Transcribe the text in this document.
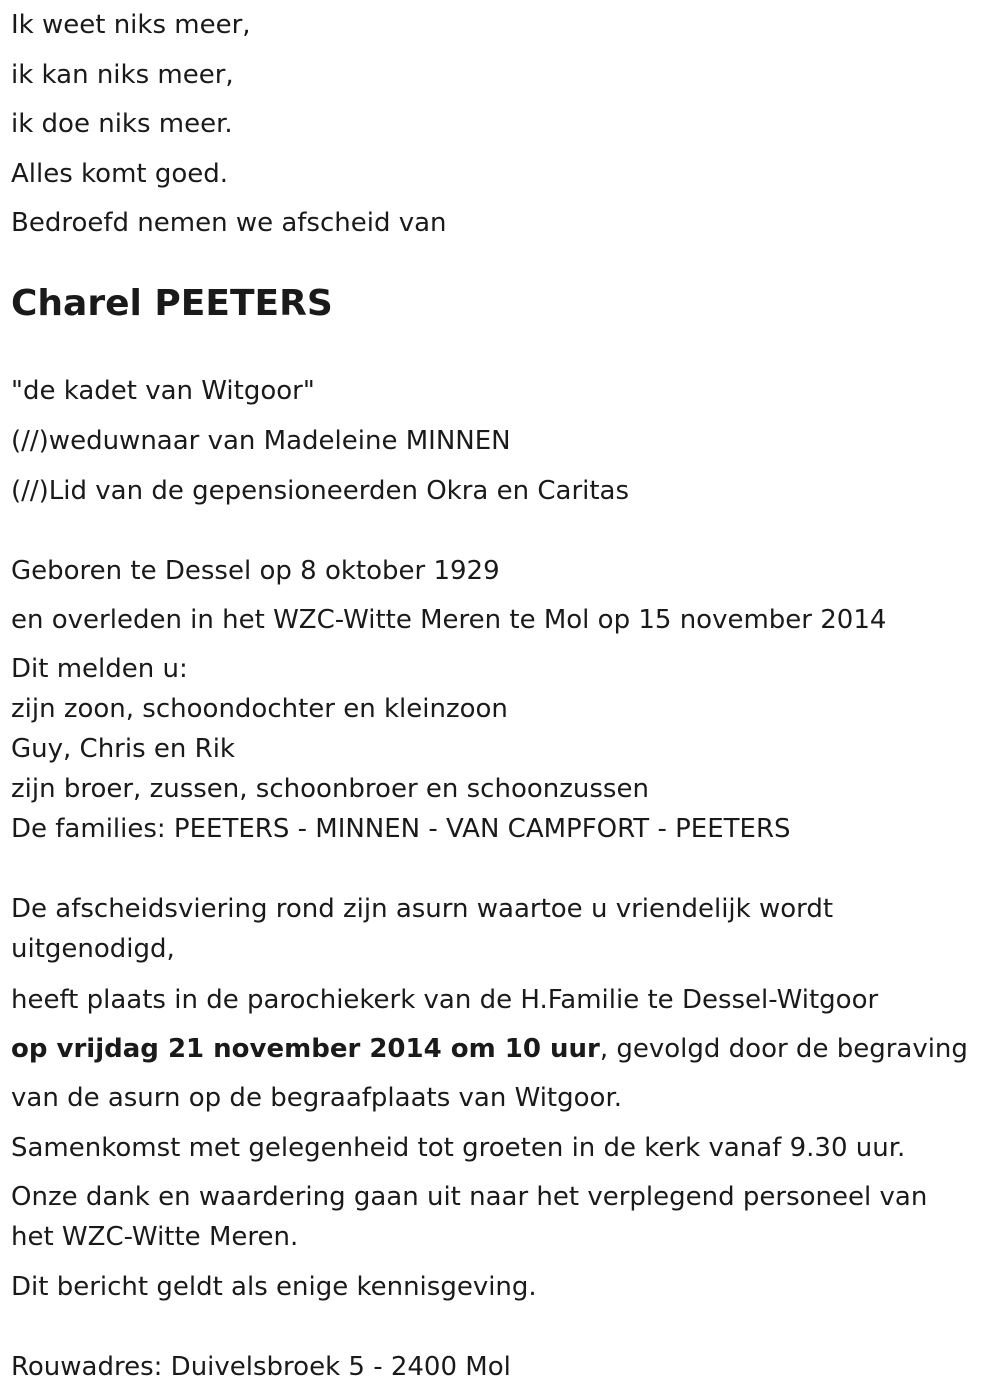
Ik weet niks meer,

ik kan niks meer,

ik doe niks meer.

Alles komt goed.

Bedroefd nemen we afscheid van

Charel PEETERS

"de kadet van Witgoor"

(//)weduwnaar van Madeleine MINNEN

(//)Lid van de gepensioneerden Okra en Caritas

Geboren te Dessel op 8 oktober 1929

en overleden in het WZC-Witte Meren te Mol op 15 november 2014

Dit melden u:

zijn zoon, schoondochter en kleinzoon

Guy, Chris en Rik

zijn broer, zussen, schoonbroer en schoonzussen

De families: PEETERS - MINNEN - VAN CAMPFORT - PEETERS

De afscheidsviering rond zijn asurn waartoe u vriendelijk wordt

uitgenodigd,

heeft plaats in de parochiekerk van de H.Familie te Dessel-Witgoor

op vrijdag 21 november 2014 om 10 uur, gevolgd door de begraving

van de asurn op de begraafplaats van Witgoor.

Samenkomst met gelegenheid tot groeten in de kerk vanaf 9.30 uur.

Onze dank en waardering gaan uit naar het verplegend personeel van

het WZC-Witte Meren.

Dit bericht geldt als enige kennisgeving.

Rouwadres: Duivelsbroek 5 - 2400 Mol
